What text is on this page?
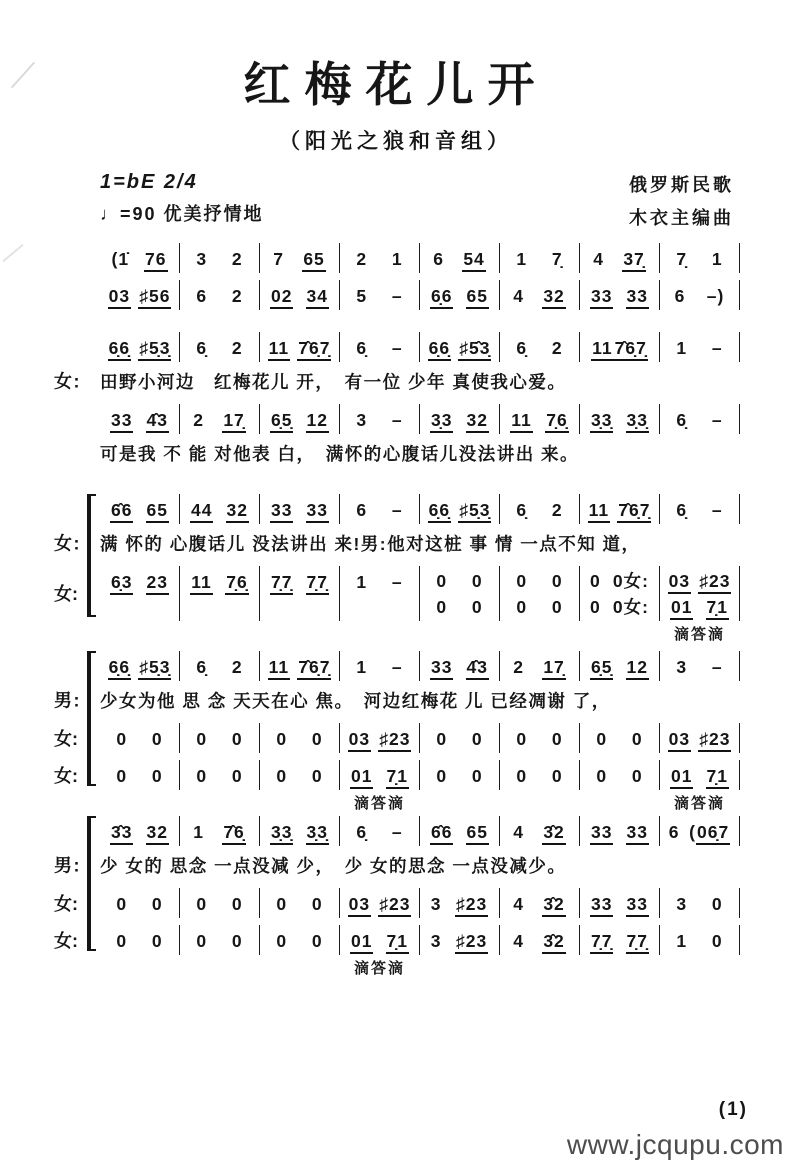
红梅花儿开
（阳光之狼和音组）
1=bE 2/4
♩=90 优美抒情地
俄罗斯民歌
木衣主编曲
(1 76 3 2 7 65 2 1 6 54 1 7 4 37 7 1
03 ♯56 6 2 02 34 5 – 66 65 4 32 33 33 6 –)
66 ♯53 6 2 11 767 6 – 66 ♯53 6 2 11 767 1 –
女: 田野小河边　红梅花儿 开，　有一位 少年 真使我心爱。
33 43 2 17 65 12 3 – 33 32 11 76 33 33 6 –
可是我 不 能 对他表 白，　满怀的心腹话儿没法讲出 来。
66 65 44 32 33 33 6 – 66 ♯53 6 2 11 767 6 –
女: 满 怀的 心腹话儿 没法讲出 来!男:他对这桩 事 情 一点不知 道，
女:
63 23 11 76 77 77 1 – 0 0
0 0
0 0
0 0
0 0女:
0 0女:
03 ♯23
01 71
滴答滴
66 ♯53 6 2 11 767 1 – 33 43 2 17 65 12 3 –
男: 少女为他 思 念 天天在心 焦。　河边红梅花 儿 已经凋谢 了，
女: 0 0 0 0 0 0 03 ♯23 0 0 0 0 0 0 03 ♯23
女: 0 0 0 0 0 0 01 71
滴答滴
0 0 0 0 0 0 01 71
滴答滴
33 32 1 76 33 33 6 – 66 65 4 32 33 33 6 (067
男: 少 女的 思念 一点没减 少，　少 女的思念 一点没减少。
女: 0 0 0 0 0 0 03 ♯23 3 ♯23 4 32 33 33 3 0
女: 0 0 0 0 0 0 01 71
滴答滴
3 ♯23 4 32 77 77 1 0
(1)
www.jcqupu.com
